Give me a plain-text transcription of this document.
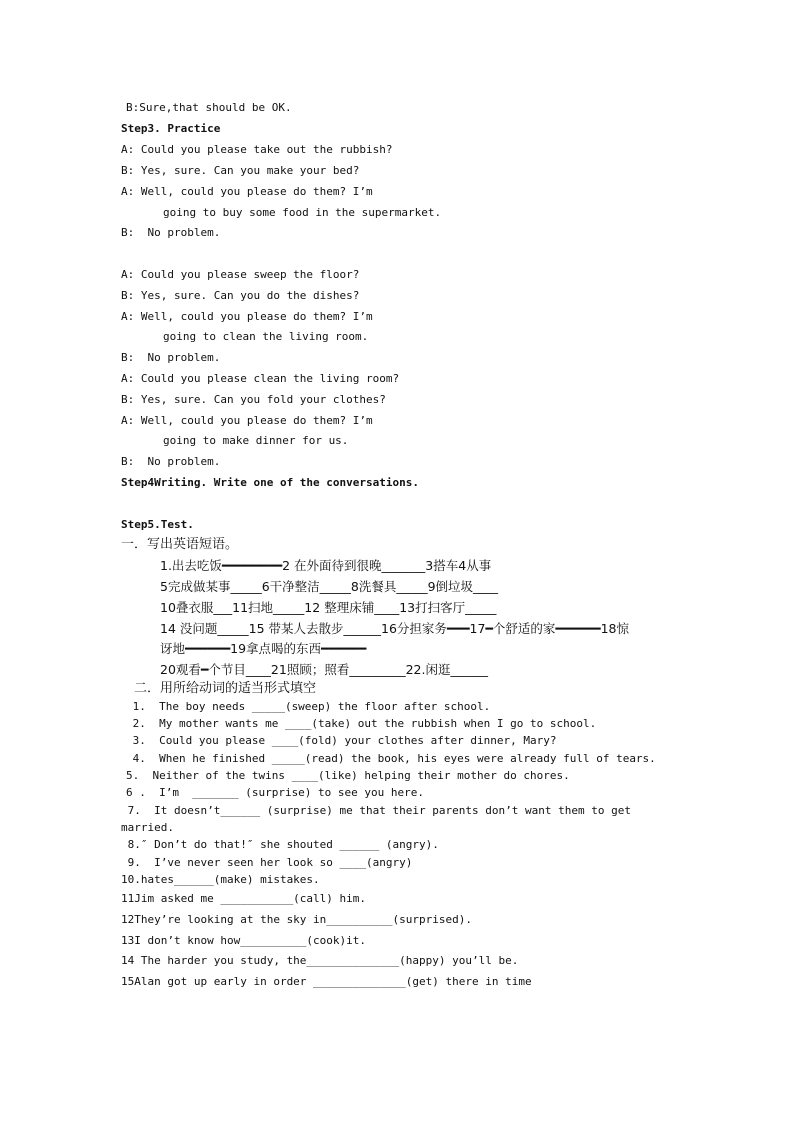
B:Sure,that should be OK.
Step3. Practice
A: Could you please take out the rubbish?
B: Yes, sure. Can you make your bed?
A: Well, could you please do them? I’m
going to buy some food in the supermarket.
B:  No problem.
A: Could you please sweep the floor?
B: Yes, sure. Can you do the dishes?
A: Well, could you please do them? I’m
going to clean the living room.
B:  No problem.
A: Could you please clean the living room?
B: Yes, sure. Can you fold your clothes?
A: Well, could you please do them? I’m
going to make dinner for us.
B:  No problem.
Step4Writing. Write one of the conversations.
Step5.Test.
一．写出英语短语。
1.出去吃饭━━━━━━━━2 在外面待到很晚_______3搭车4从事
5完成做某事_____6干净整洁_____8洗餐具_____9倒垃圾____
10叠衣服___11扫地_____12 整理床铺____13打扫客厅_____
14 没问题_____15 带某人去散步______16分担家务━━━17━个舒适的家━━━━━━18惊
讶地━━━━━━19拿点喝的东西━━━━━━
20观看━个节目____21照顾；照看_________22.闲逛______
二．用所给动词的适当形式填空
1.  The boy needs _____(sweep) the floor after school.
2.  My mother wants me ____(take) out the rubbish when I go to school.
3.  Could you please ____(fold) your clothes after dinner, Mary?
4.  When he finished _____(read) the book, his eyes were already full of tears.
5.  Neither of the twins ____(like) helping their mother do chores.
6 .  I’m  _______ (surprise) to see you here.
7.  It doesn’t______ (surprise) me that their parents don’t want them to get
married.
8.″ Don’t do that!″ she shouted ______ (angry).
9.  I’ve never seen her look so ____(angry)
10.hates______(make) mistakes.
11Jim asked me ___________(call) him.
12They’re looking at the sky in__________(surprised).
13I don’t know how__________(cook)it.
14 The harder you study, the______________(happy) you’ll be.
15Alan got up early in order ______________(get) there in time
